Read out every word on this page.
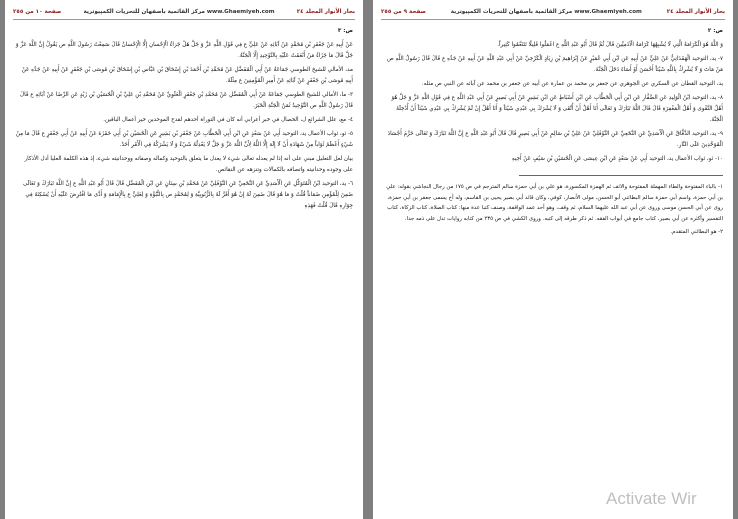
بحار الأنوار المجلد ٢٤
www.Ghaemiyeh.com مركز القائمية باصفهان للتحريات الكمپيوترية
صفحة ١٠ من ٢٥٥

ص: ٣

عَنْ أَبِيهِ عَنْ جَعْفَرِ بْنِ مُحَمَّدٍ عَنْ آبَائِهِ عَنْ عَلِيٍّ ع فِي قَوْلِ اللَّهِ عَزَّ وَ جَلَّ هَلْ جَزاءُ الْإِحْسانِ إِلَّا الْإِحْسانُ قَالَ سَمِعْتُ رَسُولَ اللَّهِ ص يَقُولُ إِنَّ اللَّهَ عَزَّ وَ جَلَّ قَالَ مَا جَزَاءُ مَنْ أَنْعَمْتُ عَلَيْهِ بِالتَّوْحِيدِ إِلَّا الْجَنَّةُ.

مد، الأمالي للشيخ الطوسي جَمَاعَةٌ عَنْ أَبِي الْمُفَضَّلِ عَنْ مُحَمَّدِ بْنِ أَحْمَدَ بْنِ إِسْحَاقَ بْنِ عَبَّاسِ بْنِ إِسْحَاقَ بْنِ مُوسَى بْنِ جَعْفَرٍ عَنْ أَبِيهِ عَنْ جَدِّهِ عَنْ أَبِيهِ مُوسَى بْنِ جَعْفَرٍ عَنْ آبَائِهِ عَنْ أَمِيرِ الْمُؤْمِنِينَ ع مِثْلَهُ.

٣- ما، الأمالي للشيخ الطوسي جَمَاعَةٌ عَنْ أَبِي الْمُفَضَّلِ عَنْ مُحَمَّدِ بْنِ جَعْفَرٍ الْعَلَوِيِّ عَنْ مُحَمَّدِ بْنِ عَلِيِّ بْنِ الْحُسَيْنِ بْنِ زَيْدٍ عَنِ الرِّضَا عَنْ آبَائِهِ ع قَالَ قَالَ رَسُولُ اللَّهِ ص التَّوْحِيدُ ثَمَنُ الْجَنَّةِ الْخَبَرَ.

٤- مع، علل الشرائع ل، الخصال في خبر أعرابي أنه كان في التوراة أحدهم لقدح الموحدين خير أعمال الباقين.

٥- ثو، ثواب الأعمال يد، التوحيد أَبِي عَنْ سَعْدٍ عَنِ ابْنِ أَبِي الْخَطَّابِ عَنْ جَعْفَرِ بْنِ بَشِيرٍ عَنِ الْحُسَيْنِ بْنِ أَبِي حَمْزَةَ عَنْ أَبِيهِ عَنْ أَبِي جَعْفَرٍ ع قَالَ مَا مِنْ شَيْءٍ أَعْظَمُ ثَوَاباً مِنْ شَهَادَةِ أَنْ لَا إِلَهَ إِلَّا اللَّهُ لِأَنَّ اللَّهَ عَزَّ وَ جَلَّ لَا يَعْدِلُهُ شَيْءٌ وَ لَا يَشْرَكُهُ فِي الْأَمْرِ أَحَدٌ.

بيان لعل التعليل مبني على أنه إذا لم يعدله تعالى شيء لا يعدل ما يتعلق بالتوحيد وكماله وصفاته ووحدانيته شيء، إذ هذه الكلمة العليا أدل الأذكار على وجوده وحدانيته واتصافه بالكمالات وتنزهه عن النقائص.

٦- يد، التوحيد ابْنُ الْمُتَوَكِّلِ عَنِ الْأَسَدِيِّ عَنِ النَّخَعِيِّ عَنِ النَّوْفَلِيِّ عَنْ مُحَمَّدِ بْنِ سِنَانٍ عَنِ ابْنِ الْمُفَضَّلِ قَالَ قَالَ أَبُو عَبْدِ اللَّهِ ع إِنَّ اللَّهَ تَبَارَكَ وَ تَعَالَى ضَمِنَ لِلْمُؤْمِنِ ضَمَاناً قُلْتُ وَ مَا هُوَ قَالَ ضَمِنَ لَهُ إِنْ هُوَ أَقَرَّ لَهُ بِالرُّبُوبِيَّةِ وَ لِمُحَمَّدٍ ص بِالنُّبُوَّةِ وَ لِعَلِيٍّ ع بِالْإِمَامَةِ وَ أَدَّى مَا افْتُرِضَ عَلَيْهِ أَنْ يُسْكِنَهُ فِي جِوَارِهِ قَالَ قُلْتُ فَهَذِهِ

بحار الأنوار المجلد ٢٤
www.Ghaemiyeh.com مركز القائمية باصفهان للتحريات الكمپيوترية
صفحة ٩ من ٢٥٥

ص: ٢

وَ اللَّهُ هُوَ الْكَرَامَةُ الَّتِي لَا يُشْبِهُهَا كَرَامَةُ الْآدَمِيِّينَ قَالَ ثُمَّ قَالَ أَبُو عَبْدِ اللَّهِ ع اعْمَلُوا قَلِيلًا تَتَنَعَّمُوا كَثِيراً.

٧- يد، التوحيد الْهَمْدَانِيُّ عَنْ عَلِيٍّ عَنْ أَبِيهِ عَنِ ابْنِ أَبِي عُمَيْرٍ عَنْ إِبْرَاهِيمَ بْنِ زِيَادٍ الْكَرْخِيِّ عَنْ أَبِي عَبْدِ اللَّهِ عَنْ أَبِيهِ عَنْ جَدِّهِ ع قَالَ قَالَ رَسُولُ اللَّهِ ص مَنْ مَاتَ وَ لَا يُشْرِكُ بِاللَّهِ شَيْئاً أَحْسَنَ أَوْ أَسَاءَ دَخَلَ الْجَنَّةَ.

يد، التوحيد القطان عن السكري عن الجوهري عن جعفر بن محمد بن عمارة عن أبيه عن جعفر بن محمد عن آبائه عن النبي ص مثله.

٨- يد، التوحيد ابْنُ الْوَلِيدِ عَنِ الصَّفَّارِ عَنِ ابْنِ أَبِي الْخَطَّابِ عَنِ ابْنِ أَسْبَاطٍ عَنِ ابْنِ بَشِيرٍ عَنْ أَبِي بَصِيرٍ عَنْ أَبِي عَبْدِ اللَّهِ ع فِي قَوْلِ اللَّهِ عَزَّ وَ جَلَّ هُوَ أَهْلُ التَّقْوى وَ أَهْلُ الْمَغْفِرَةِ قَالَ قَالَ اللَّهُ تَبَارَكَ وَ تَعَالَى أَنَا أَهْلٌ أَنْ أُتَّقَى وَ لَا يُشْرَكَ بِي عَبْدِي شَيْئاً وَ أَنَا أَهْلٌ إِنْ لَمْ يُشْرِكْ بِي عَبْدِي شَيْئاً أَنْ أُدْخِلَهُ الْجَنَّةَ.

٩- يد، التوحيد الدَّقَّاقُ عَنِ الْأَسَدِيِّ عَنِ النَّخَعِيِّ عَنِ النَّوْفَلِيِّ عَنْ عَلِيِّ بْنِ سَالِمٍ عَنْ أَبِي بَصِيرٍ قَالَ قَالَ أَبُو عَبْدِ اللَّهِ ع إِنَّ اللَّهَ تَبَارَكَ وَ تَعَالَى حَرَّمَ أَجْسَادَ الْمُوَحِّدِينَ عَلَى النَّارِ.

١٠- ثو، ثواب الأعمال يد، التوحيد أَبِي عَنْ سَعْدٍ عَنِ ابْنِ عِيسَى عَنِ الْحُسَيْنِ بْنِ سَيْفٍ عَنْ أَخِيهِ

١- بالباء المفتوحة والطاء المهملة المفتوحة والائف ثم الهمزة المكسورة، هو علي بن أبي حمزة سالم المترجم في ص ١٧٥ من رجال النجاشي بقوله: علي بن أبي حمزة، واسم أبي حمزة سالم البطائني أبو الحسن، مولى الأنصار، كوفي، وكان قائد أبي بصير يحيى بن القاسم، وله أخ يسمى جعفر بن أبي حمزة، روى عن أبي الحسن موسى وروى عن أبي عبد الله عليهما السلام، ثم وقف، وهو أحد عمد الواقفة، وصنف كتبا عدة منها: كتاب الصلاة، كتاب الزكاة، كتاب التفسير وأكثره عن أبي بصير، كتاب جامع في أبواب الفقه. ثم ذكر طرقه إلى كتبه. وروى الكشي في ص ٢٣٥ من كتابه روايات تدل على ذمه جدا.

٢- هو البطائني المتقدم.

Activate Wir
